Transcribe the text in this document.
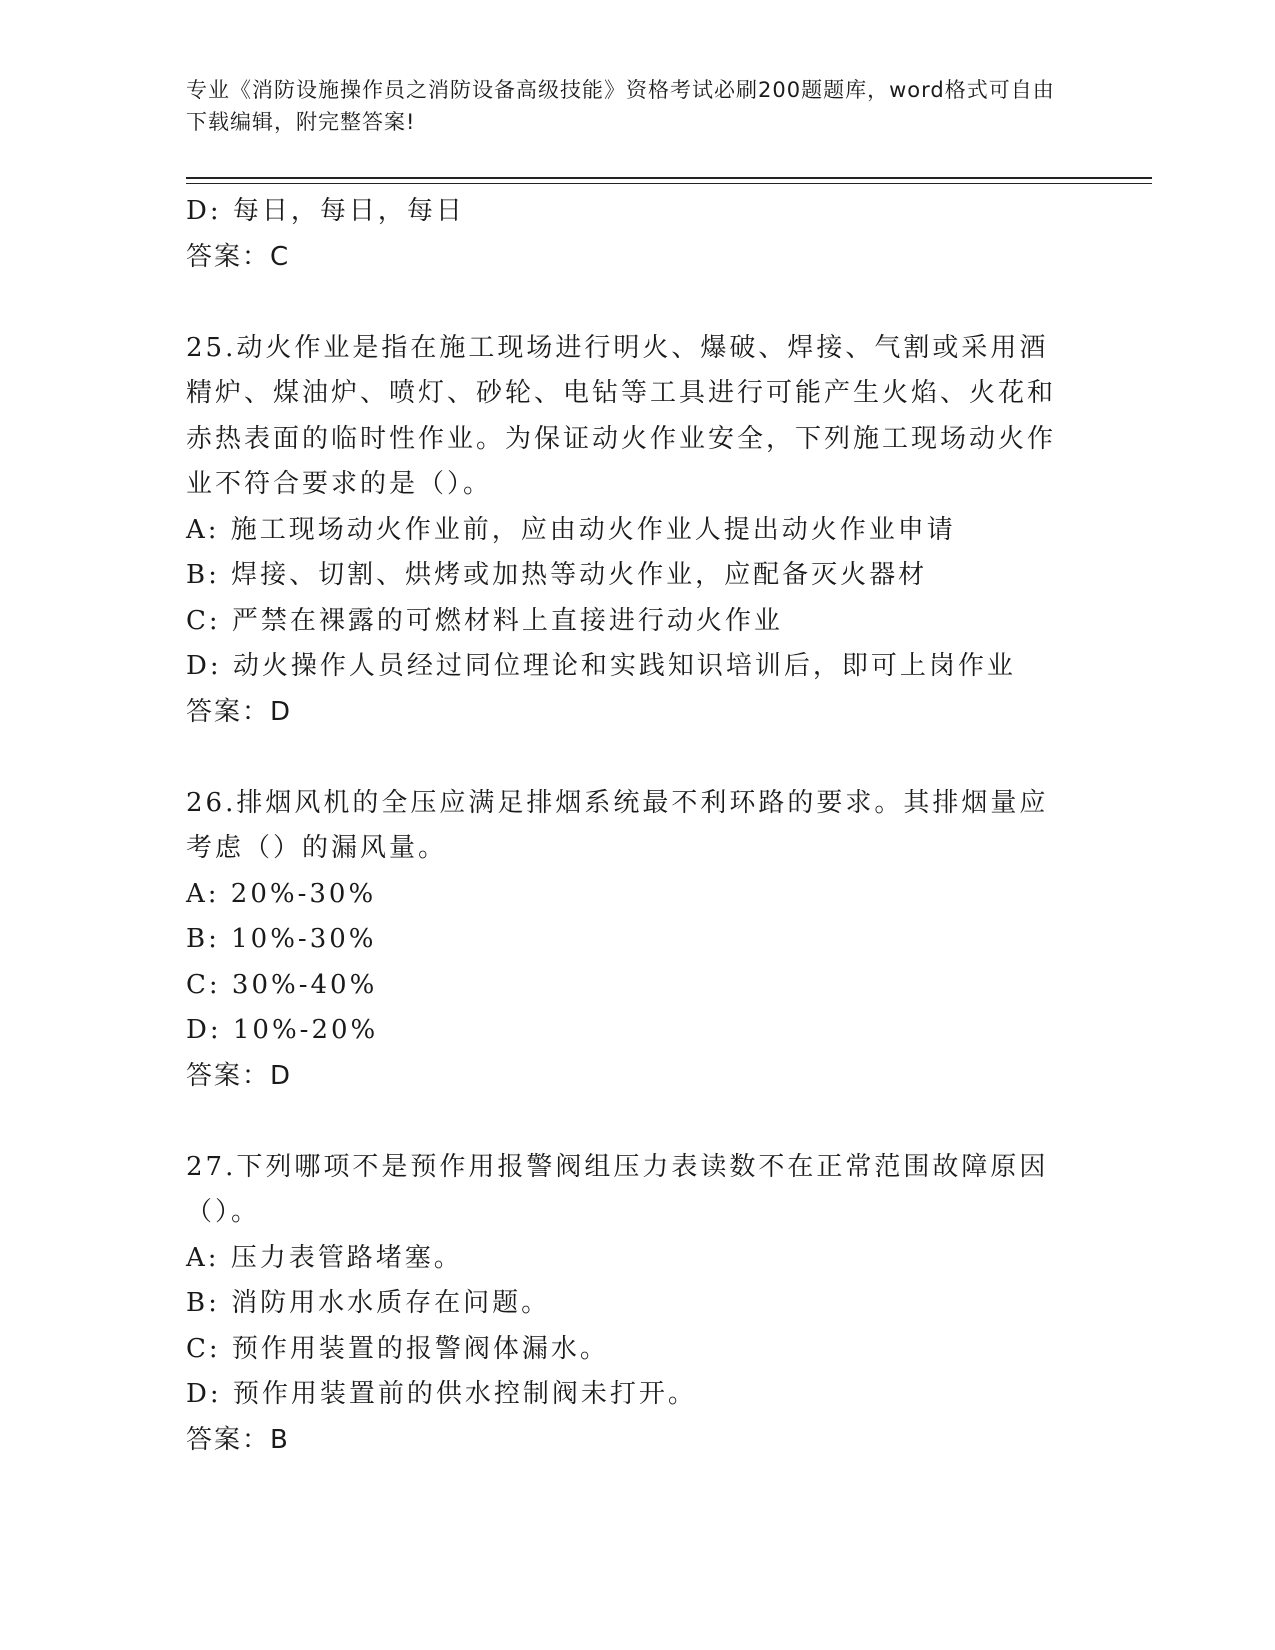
专业《消防设施操作员之消防设备高级技能》资格考试必刷200题题库，word格式可自由下载编辑，附完整答案!
D: 每日，每日，每日
答案：C
25.动火作业是指在施工现场进行明火、爆破、焊接、气割或采用酒精炉、煤油炉、喷灯、砂轮、电钻等工具进行可能产生火焰、火花和赤热表面的临时性作业。为保证动火作业安全，下列施工现场动火作业不符合要求的是（）。
A: 施工现场动火作业前，应由动火作业人提出动火作业申请
B: 焊接、切割、烘烤或加热等动火作业，应配备灭火器材
C: 严禁在裸露的可燃材料上直接进行动火作业
D: 动火操作人员经过同位理论和实践知识培训后，即可上岗作业
答案：D
26.排烟风机的全压应满足排烟系统最不利环路的要求。其排烟量应考虑（）的漏风量。
A: 20%-30%
B: 10%-30%
C: 30%-40%
D: 10%-20%
答案：D
27.下列哪项不是预作用报警阀组压力表读数不在正常范围故障原因（）。
A: 压力表管路堵塞。
B: 消防用水水质存在问题。
C: 预作用装置的报警阀体漏水。
D: 预作用装置前的供水控制阀未打开。
答案：B
